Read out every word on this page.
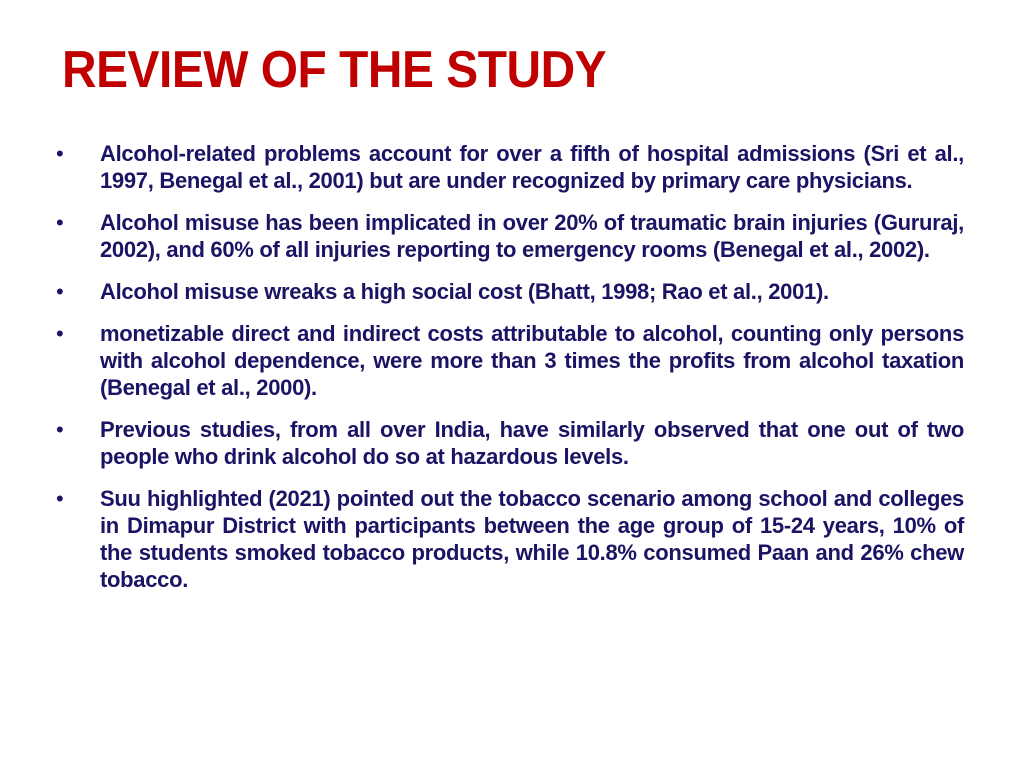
REVIEW OF THE STUDY
•	Alcohol-related problems account for over a fifth of hospital admissions (Sri et al., 1997, Benegal et al., 2001) but are under recognized by primary care physicians.
•	Alcohol misuse has been implicated in over 20% of traumatic brain injuries (Gururaj, 2002), and 60% of all injuries reporting to emergency rooms (Benegal et al., 2002).
•	Alcohol misuse wreaks a high social cost (Bhatt, 1998; Rao et al., 2001).
•	monetizable direct and indirect costs attributable to alcohol, counting only persons with alcohol dependence, were more than 3 times the profits from alcohol taxation (Benegal et al., 2000).
•	Previous studies, from all over India, have similarly observed that one out of two people who drink alcohol do so at hazardous levels.
•	Suu highlighted (2021) pointed out the tobacco scenario among school and colleges in Dimapur District with participants between the age group of 15-24 years, 10% of the students smoked tobacco products, while 10.8% consumed Paan and 26% chew tobacco.
